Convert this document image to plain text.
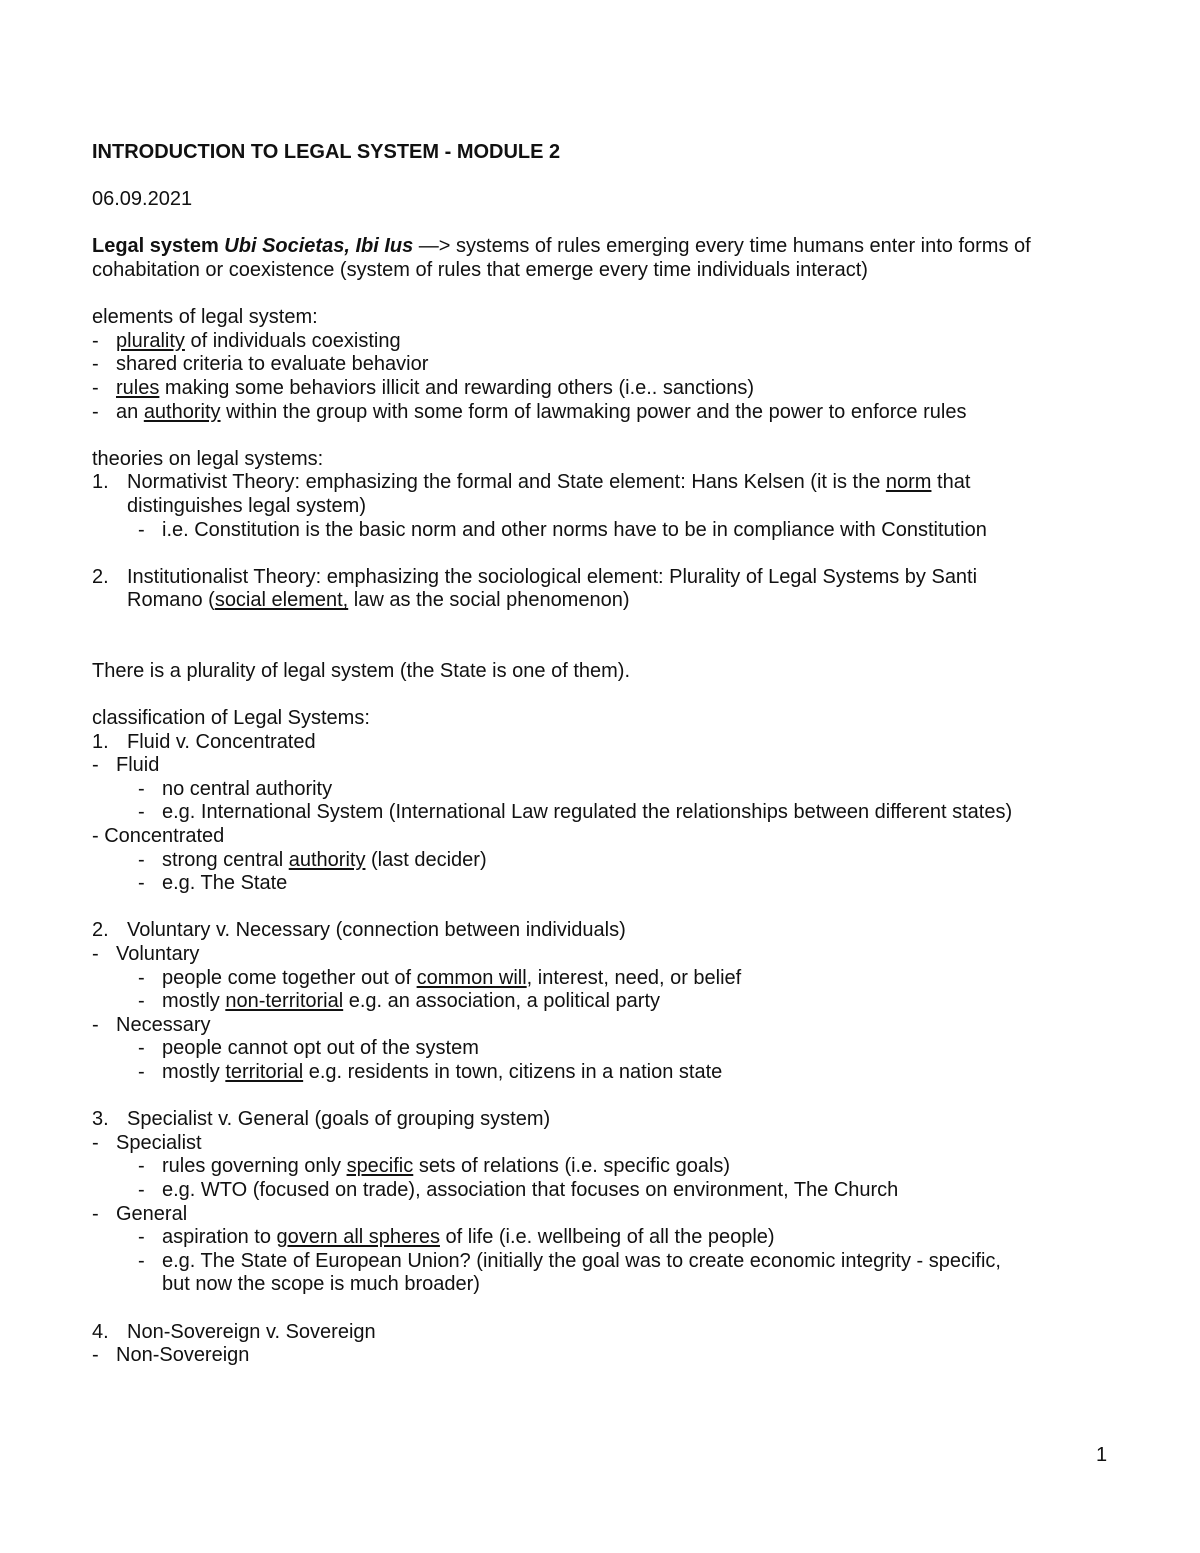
INTRODUCTION TO LEGAL SYSTEM - MODULE 2
06.09.2021
Legal system Ubi Societas, Ibi Ius —> systems of rules emerging every time humans enter into forms of
cohabitation or coexistence (system of rules that emerge every time individuals interact)
elements of legal system:
- plurality of individuals coexisting
- shared criteria to evaluate behavior
- rules making some behaviors illicit and rewarding others (i.e.. sanctions)
- an authority within the group with some form of lawmaking power and the power to enforce rules
theories on legal systems:
1. Normativist Theory: emphasizing the formal and State element: Hans Kelsen (it is the norm that
distinguishes legal system)
- i.e. Constitution is the basic norm and other norms have to be in compliance with Constitution
2. Institutionalist Theory: emphasizing the sociological element: Plurality of Legal Systems by Santi
Romano (social element, law as the social phenomenon)
There is a plurality of legal system (the State is one of them).
classification of Legal Systems:
1. Fluid v. Concentrated
- Fluid
- no central authority
- e.g. International System (International Law regulated the relationships between different states)
- Concentrated
- strong central authority (last decider)
- e.g. The State
2. Voluntary v. Necessary (connection between individuals)
- Voluntary
- people come together out of common will, interest, need, or belief
- mostly non-territorial e.g. an association, a political party
- Necessary
- people cannot opt out of the system
- mostly territorial e.g. residents in town, citizens in a nation state
3. Specialist v. General (goals of grouping system)
- Specialist
- rules governing only specific sets of relations (i.e. specific goals)
- e.g. WTO (focused on trade), association that focuses on environment, The Church
- General
- aspiration to govern all spheres of life (i.e. wellbeing of all the people)
- e.g. The State of European Union? (initially the goal was to create economic integrity - specific,
but now the scope is much broader)
4. Non-Sovereign v. Sovereign
- Non-Sovereign
1
